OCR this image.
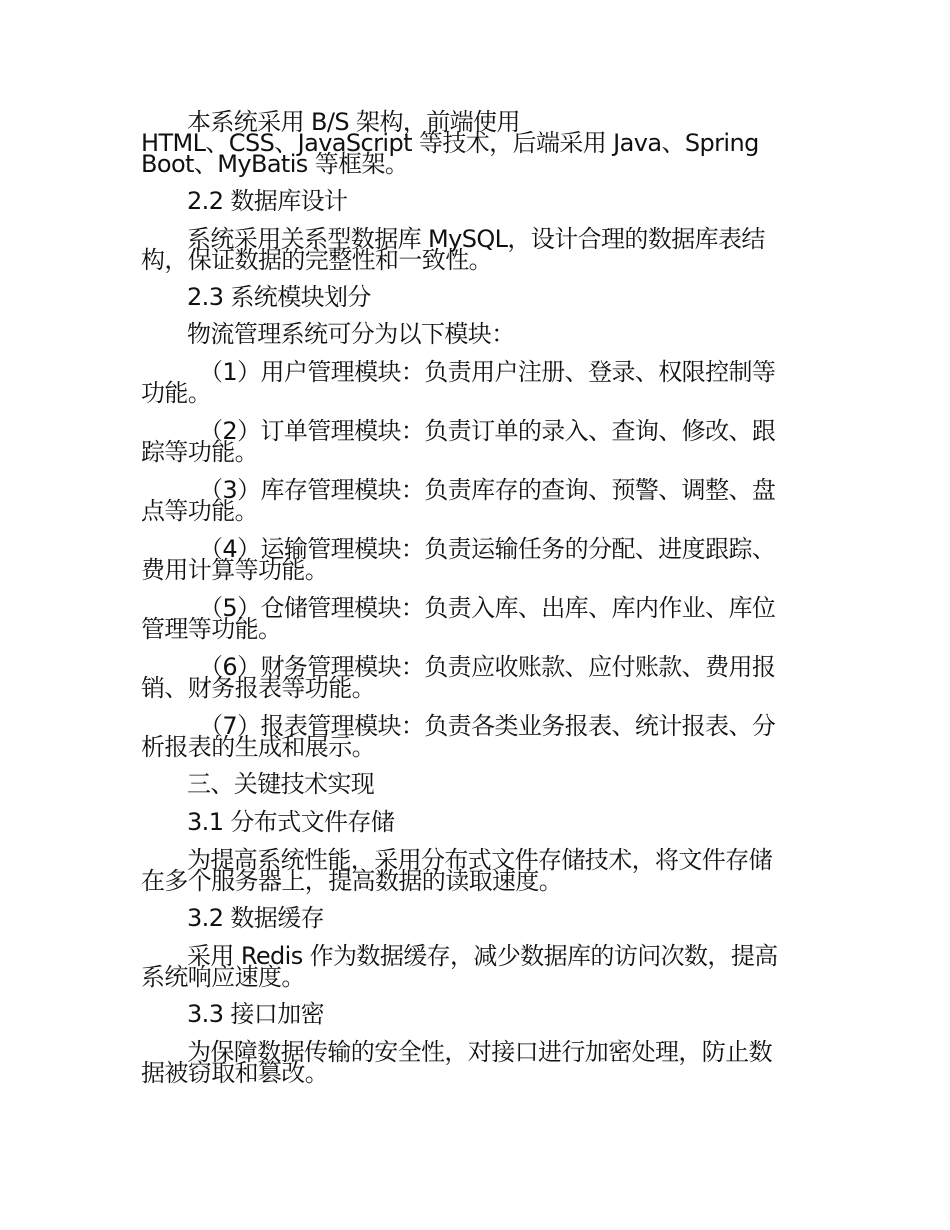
本系统采用 B/S 架构，前端使用
HTML、CSS、JavaScript 等技术，后端采用 Java、Spring
Boot、MyBatis 等框架。
2.2 数据库设计
系统采用关系型数据库 MySQL，设计合理的数据库表结
构，保证数据的完整性和一致性。
2.3 系统模块划分
物流管理系统可分为以下模块：
（1）用户管理模块：负责用户注册、登录、权限控制等
功能。
（2）订单管理模块：负责订单的录入、查询、修改、跟
踪等功能。
（3）库存管理模块：负责库存的查询、预警、调整、盘
点等功能。
（4）运输管理模块：负责运输任务的分配、进度跟踪、
费用计算等功能。
（5）仓储管理模块：负责入库、出库、库内作业、库位
管理等功能。
（6）财务管理模块：负责应收账款、应付账款、费用报
销、财务报表等功能。
（7）报表管理模块：负责各类业务报表、统计报表、分
析报表的生成和展示。
三、关键技术实现
3.1 分布式文件存储
为提高系统性能，采用分布式文件存储技术，将文件存储
在多个服务器上，提高数据的读取速度。
3.2 数据缓存
采用 Redis 作为数据缓存，减少数据库的访问次数，提高
系统响应速度。
3.3 接口加密
为保障数据传输的安全性，对接口进行加密处理，防止数
据被窃取和篡改。
